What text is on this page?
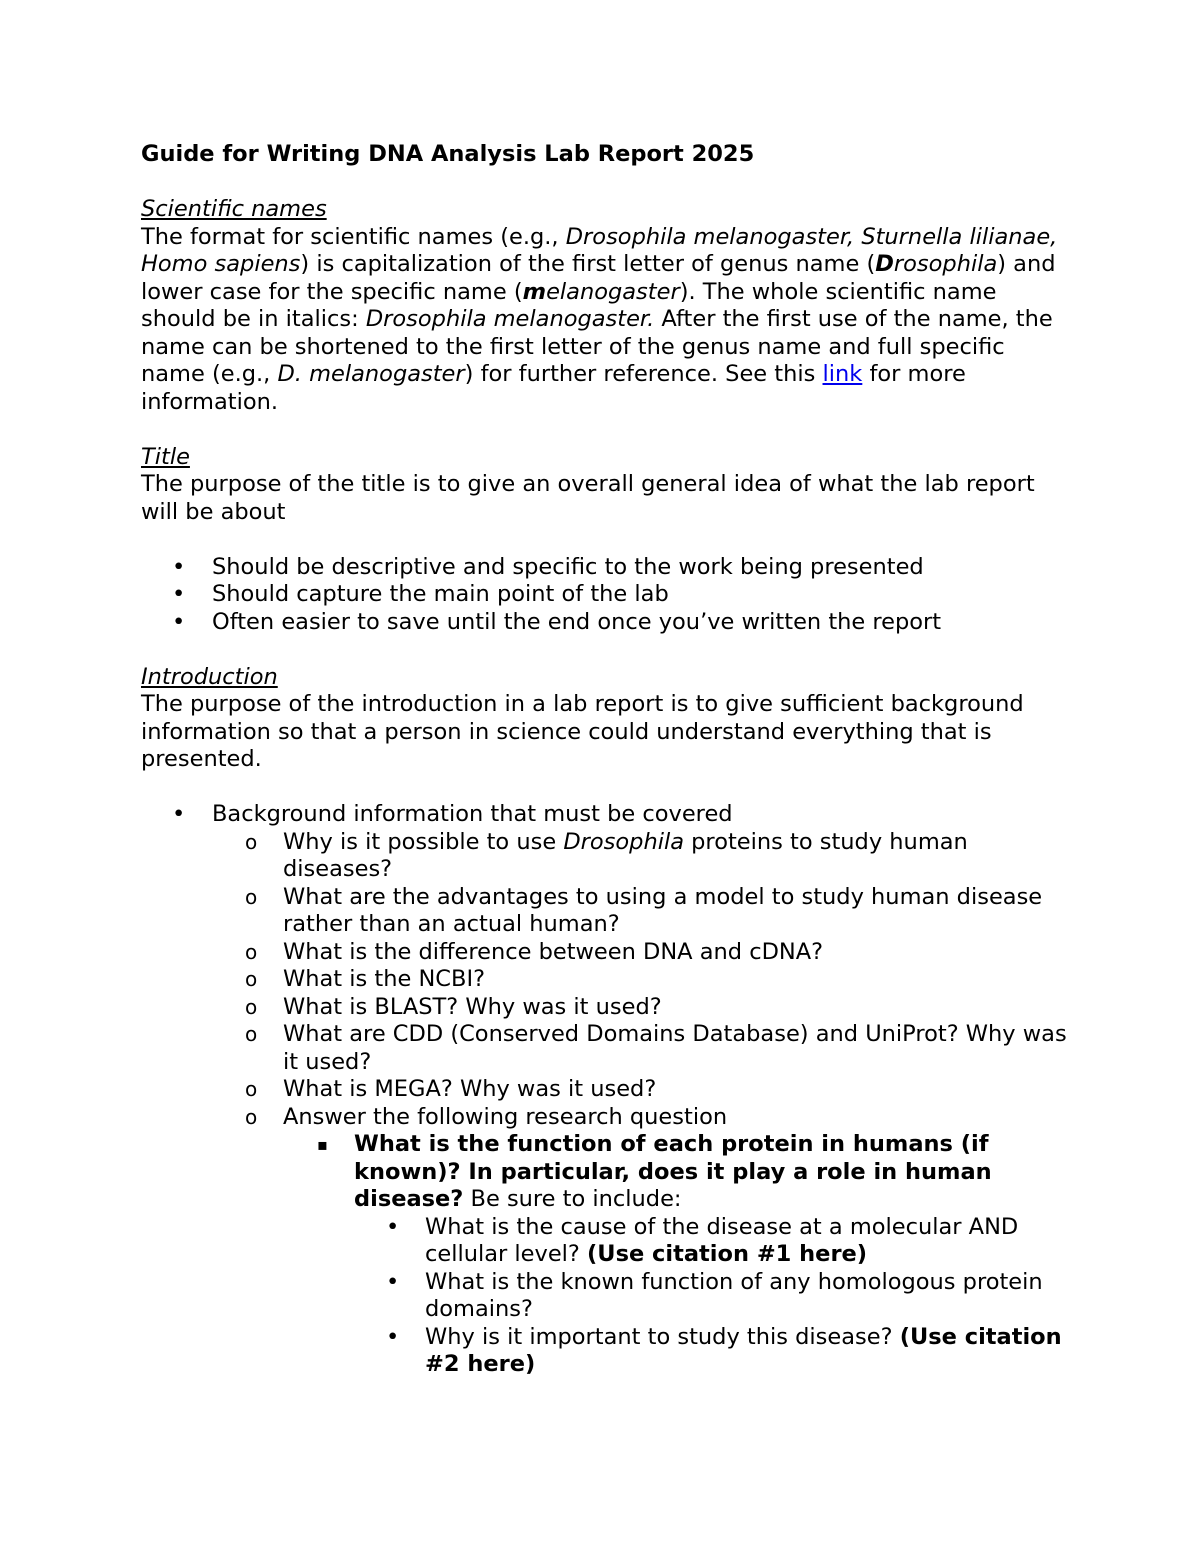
Guide for Writing DNA Analysis Lab Report 2025

Scientific names

The format for scientific names (e.g., Drosophila melanogaster, Sturnella lilianae, Homo sapiens) is capitalization of the first letter of genus name (Drosophila) and lower case for the specific name (melanogaster). The whole scientific name should be in italics: Drosophila melanogaster. After the first use of the name, the name can be shortened to the first letter of the genus name and full specific name (e.g., D. melanogaster) for further reference. See this link for more information.

Title

The purpose of the title is to give an overall general idea of what the lab report will be about

• Should be descriptive and specific to the work being presented
• Should capture the main point of the lab
• Often easier to save until the end once you’ve written the report

Introduction

The purpose of the introduction in a lab report is to give sufficient background information so that a person in science could understand everything that is presented.

• Background information that must be covered
o Why is it possible to use Drosophila proteins to study human diseases?
o What are the advantages to using a model to study human disease rather than an actual human?
o What is the difference between DNA and cDNA?
o What is the NCBI?
o What is BLAST? Why was it used?
o What are CDD (Conserved Domains Database) and UniProt? Why was it used?
o What is MEGA? Why was it used?
o Answer the following research question
▪ What is the function of each protein in humans (if known)? In particular, does it play a role in human disease? Be sure to include:
• What is the cause of the disease at a molecular AND cellular level? (Use citation #1 here)
• What is the known function of any homologous protein domains?
• Why is it important to study this disease? (Use citation #2 here)
